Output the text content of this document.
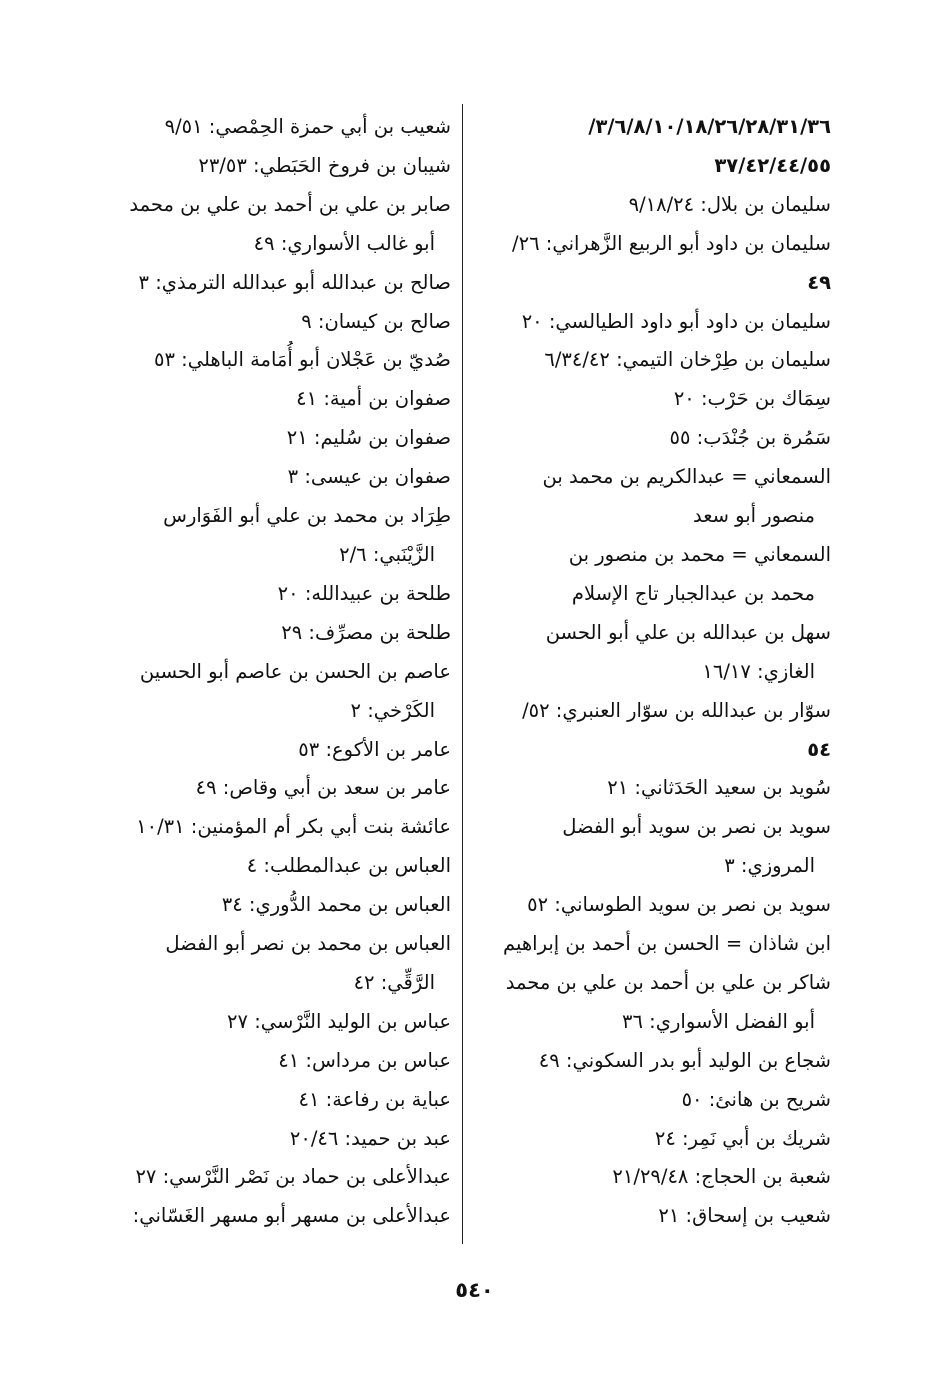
٣/٦/٨/١٠/١٨/٢٦/٢٨/٣١/٣٦/
٣٧/٤٢/٤٤/٥٥
سليمان بن بلال: ٩/١٨/٢٤
سليمان بن داود أبو الربيع الزَّهراني: ٢٦/
٤٩
سليمان بن داود أبو داود الطيالسي: ٢٠
سليمان بن طِرْخان التيمي: ٦/٣٤/٤٢
سِمَاك بن حَرْب: ٢٠
سَمُرة بن جُنْدَب: ٥٥
السمعاني = عبدالكريم بن محمد بن
منصور أبو سعد
السمعاني = محمد بن منصور بن
محمد بن عبدالجبار تاج الإسلام
سهل بن عبدالله بن علي أبو الحسن
الغازي: ١٦/١٧
سوّار بن عبدالله بن سوّار العنبري: ٥٢/
٥٤
سُويد بن سعيد الحَدَثاني: ٢١
سويد بن نصر بن سويد أبو الفضل
المروزي: ٣
سويد بن نصر بن سويد الطوساني: ٥٢
ابن شاذان = الحسن بن أحمد بن إبراهيم
شاكر بن علي بن أحمد بن علي بن محمد
أبو الفضل الأسواري: ٣٦
شجاع بن الوليد أبو بدر السكوني: ٤٩
شريح بن هانئ: ٥٠
شريك بن أبي نَمِر: ٢٤
شعبة بن الحجاج: ٢١/٢٩/٤٨
شعيب بن إسحاق: ٢١
شعيب بن أبي حمزة الحِمْصي: ٩/٥١
شيبان بن فروخ الحَبَطي: ٢٣/٥٣
صابر بن علي بن أحمد بن علي بن محمد
أبو غالب الأسواري: ٤٩
صالح بن عبدالله أبو عبدالله الترمذي: ٣
صالح بن كيسان: ٩
صُديّ بن عَجْلان أبو أُمَامة الباهلي: ٥٣
صفوان بن أمية: ٤١
صفوان بن سُليم: ٢١
صفوان بن عيسى: ٣
طِرَاد بن محمد بن علي أبو الفَوَارس
الزَّيْنَبي: ٢/٦
طلحة بن عبيدالله: ٢٠
طلحة بن مصرِّف: ٢٩
عاصم بن الحسن بن عاصم أبو الحسين
الكَرْخي: ٢
عامر بن الأكوع: ٥٣
عامر بن سعد بن أبي وقاص: ٤٩
عائشة بنت أبي بكر أم المؤمنين: ١٠/٣١
العباس بن عبدالمطلب: ٤
العباس بن محمد الدُّوري: ٣٤
العباس بن محمد بن نصر أبو الفضل
الرَّقِّي: ٤٢
عباس بن الوليد النَّرْسي: ٢٧
عباس بن مرداس: ٤١
عباية بن رفاعة: ٤١
عبد بن حميد: ٢٠/٤٦
عبدالأعلى بن حماد بن نَصْر النَّرْسي: ٢٧
عبدالأعلى بن مسهر أبو مسهر الغَسّاني:
٥٤٠
